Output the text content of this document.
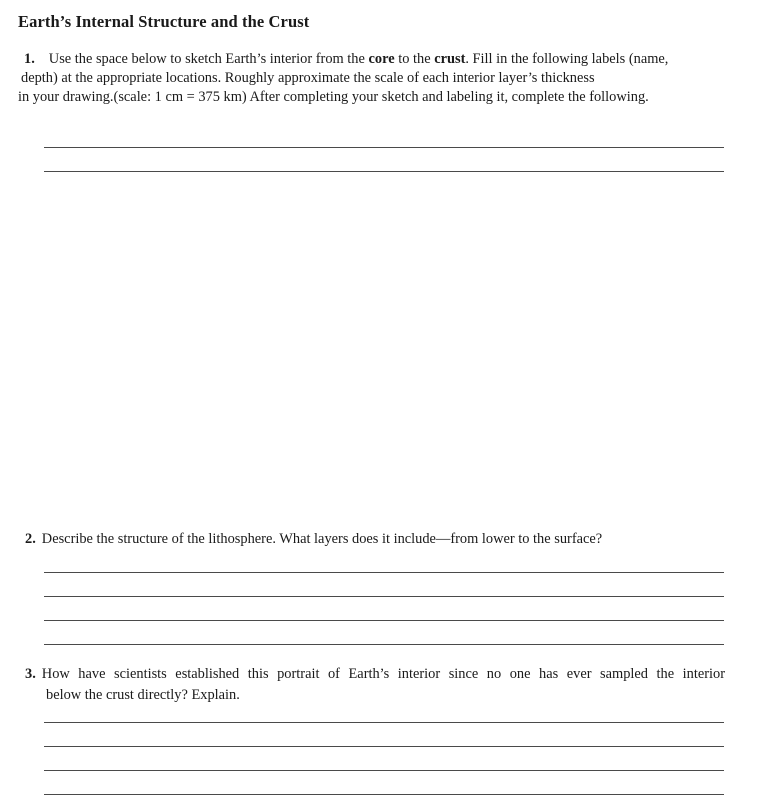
Earth’s Internal Structure and the Crust
1. Use the space below to sketch Earth’s interior from the core to the crust. Fill in the following labels (name,
depth) at the appropriate locations. Roughly approximate the scale of each interior layer’s thickness
in your drawing.(scale: 1 cm = 375 km) After completing your sketch and labeling it, complete the following.
2. Describe the structure of the lithosphere. What layers does it include—from lower to the surface?
3. How have scientists established this portrait of Earth’s interior since no one has ever sampled the interior
below the crust directly? Explain.
